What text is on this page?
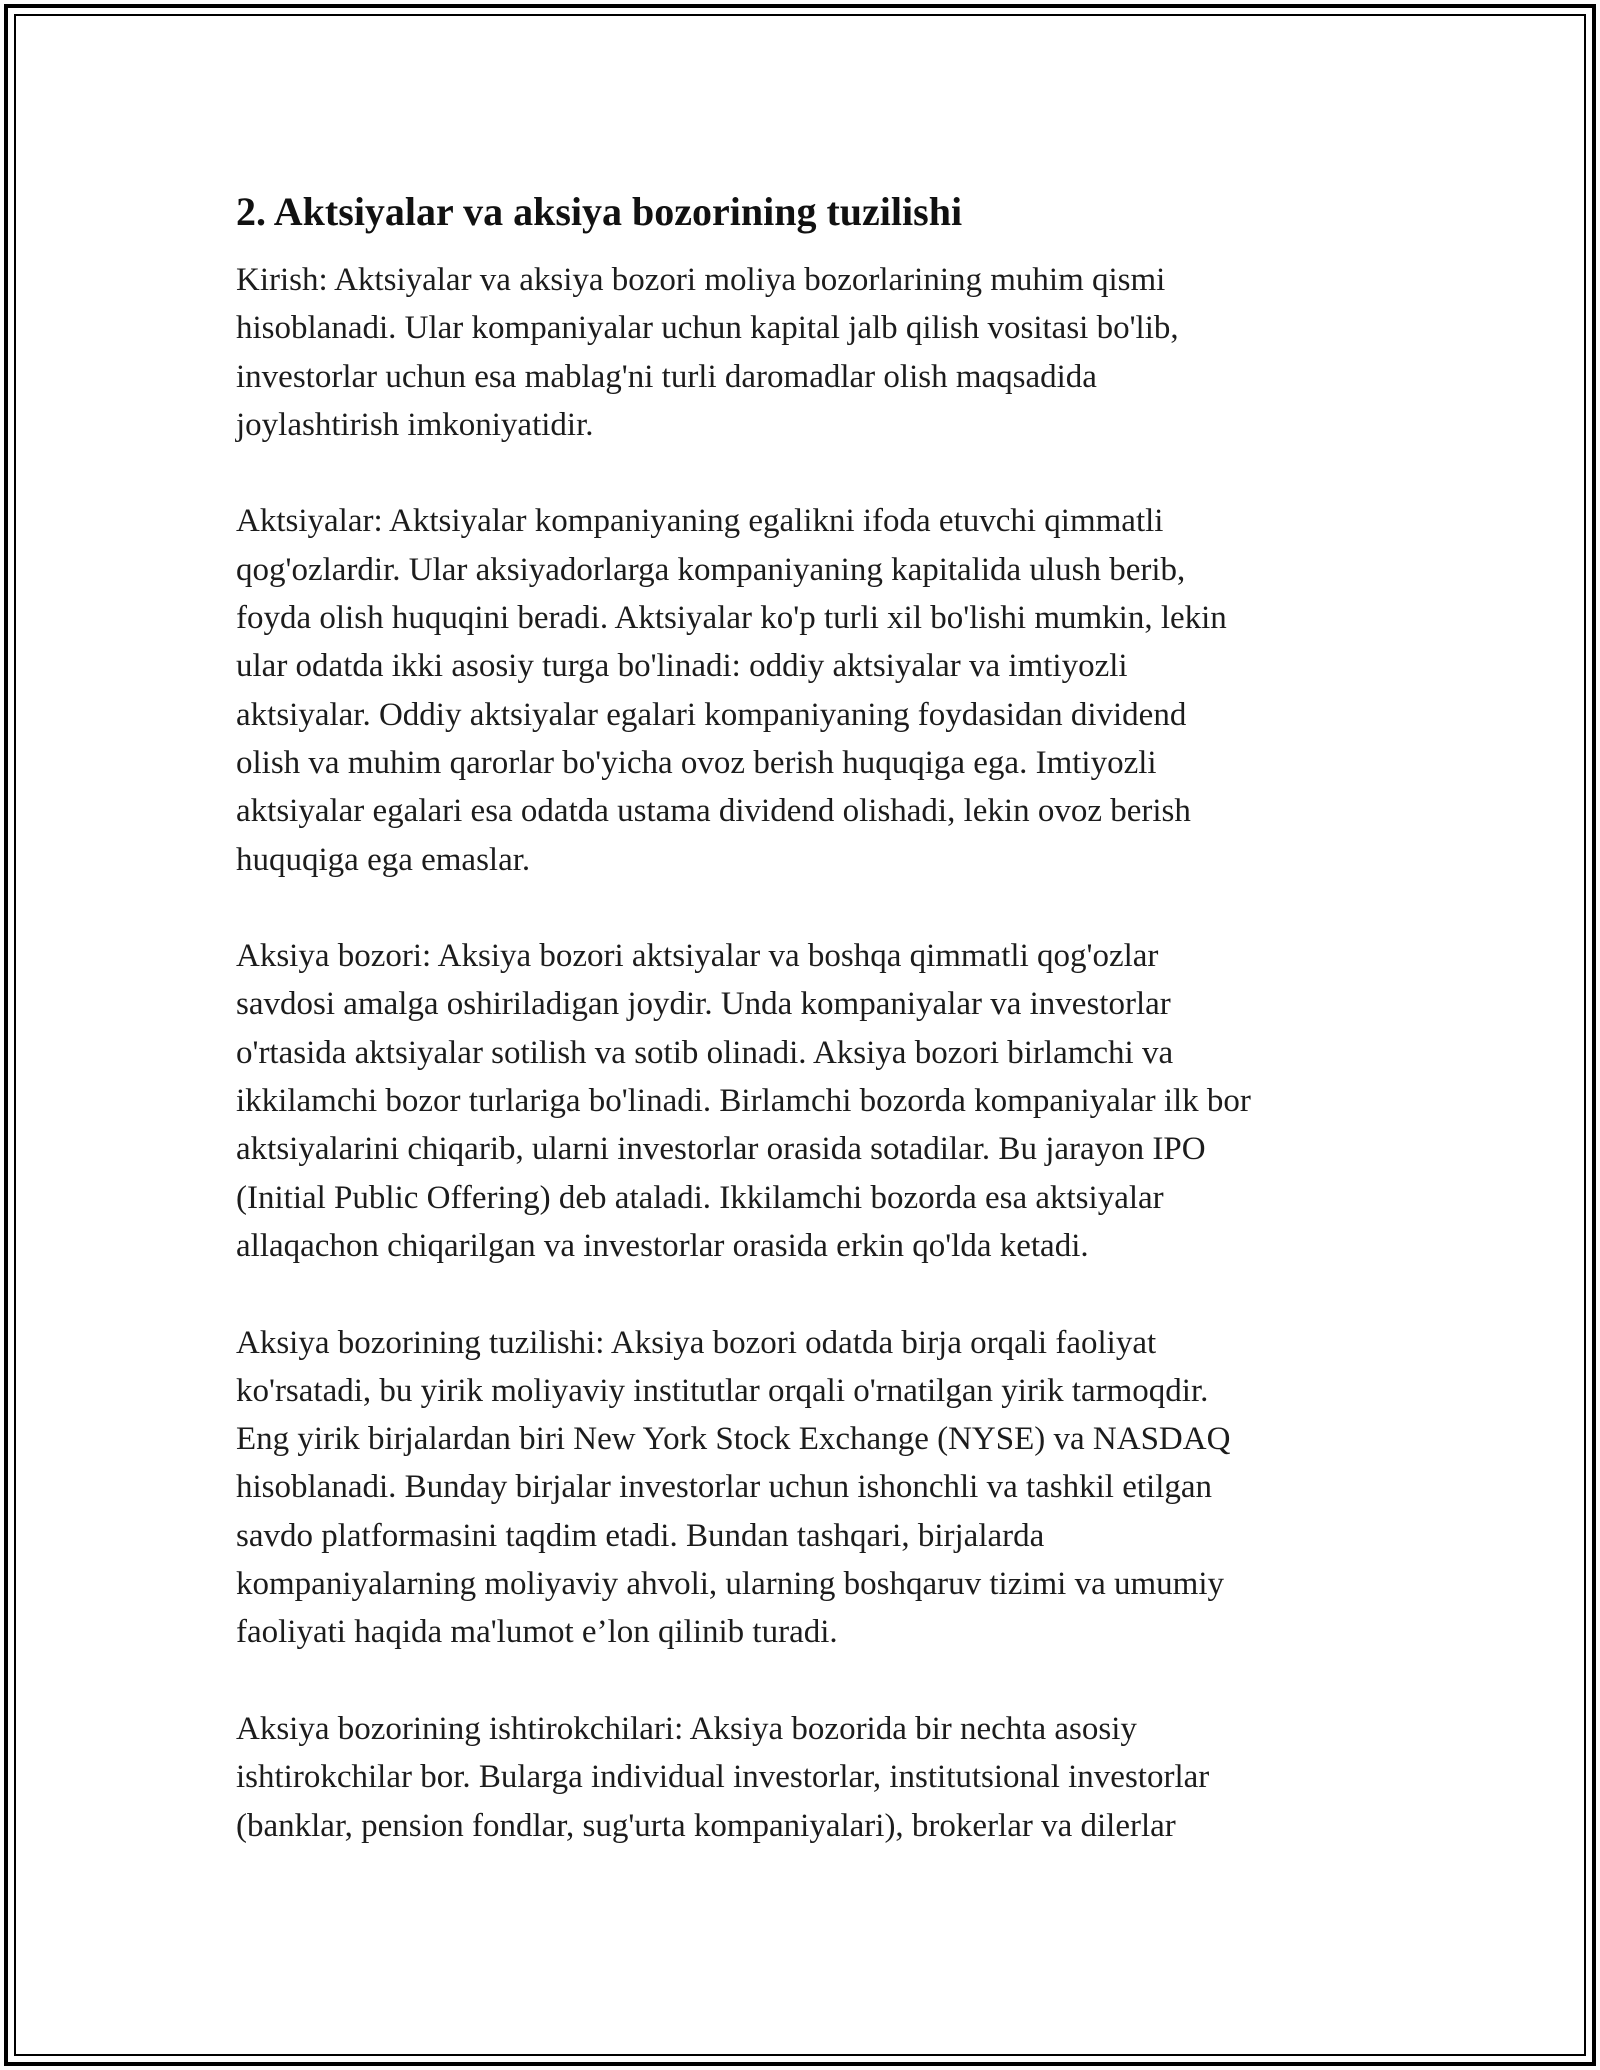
2. Aktsiyalar va aksiya bozorining tuzilishi

Kirish: Aktsiyalar va aksiya bozori moliya bozorlarining muhim qismi
hisoblanadi. Ular kompaniyalar uchun kapital jalb qilish vositasi bo'lib,
investorlar uchun esa mablag'ni turli daromadlar olish maqsadida
joylashtirish imkoniyatidir.

Aktsiyalar: Aktsiyalar kompaniyaning egalikni ifoda etuvchi qimmatli
qog'ozlardir. Ular aksiyadorlarga kompaniyaning kapitalida ulush berib,
foyda olish huquqini beradi. Aktsiyalar ko'p turli xil bo'lishi mumkin, lekin
ular odatda ikki asosiy turga bo'linadi: oddiy aktsiyalar va imtiyozli
aktsiyalar. Oddiy aktsiyalar egalari kompaniyaning foydasidan dividend
olish va muhim qarorlar bo'yicha ovoz berish huquqiga ega. Imtiyozli
aktsiyalar egalari esa odatda ustama dividend olishadi, lekin ovoz berish
huquqiga ega emaslar.

Aksiya bozori: Aksiya bozori aktsiyalar va boshqa qimmatli qog'ozlar
savdosi amalga oshiriladigan joydir. Unda kompaniyalar va investorlar
o'rtasida aktsiyalar sotilish va sotib olinadi. Aksiya bozori birlamchi va
ikkilamchi bozor turlariga bo'linadi. Birlamchi bozorda kompaniyalar ilk bor
aktsiyalarini chiqarib, ularni investorlar orasida sotadilar. Bu jarayon IPO
(Initial Public Offering) deb ataladi. Ikkilamchi bozorda esa aktsiyalar
allaqachon chiqarilgan va investorlar orasida erkin qo'lda ketadi.

Aksiya bozorining tuzilishi: Aksiya bozori odatda birja orqali faoliyat
ko'rsatadi, bu yirik moliyaviy institutlar orqali o'rnatilgan yirik tarmoqdir.
Eng yirik birjalardan biri New York Stock Exchange (NYSE) va NASDAQ
hisoblanadi. Bunday birjalar investorlar uchun ishonchli va tashkil etilgan
savdo platformasini taqdim etadi. Bundan tashqari, birjalarda
kompaniyalarning moliyaviy ahvoli, ularning boshqaruv tizimi va umumiy
faoliyati haqida ma'lumot e’lon qilinib turadi.

Aksiya bozorining ishtirokchilari: Aksiya bozorida bir nechta asosiy
ishtirokchilar bor. Bularga individual investorlar, institutsional investorlar
(banklar, pension fondlar, sug'urta kompaniyalari), brokerlar va dilerlar
